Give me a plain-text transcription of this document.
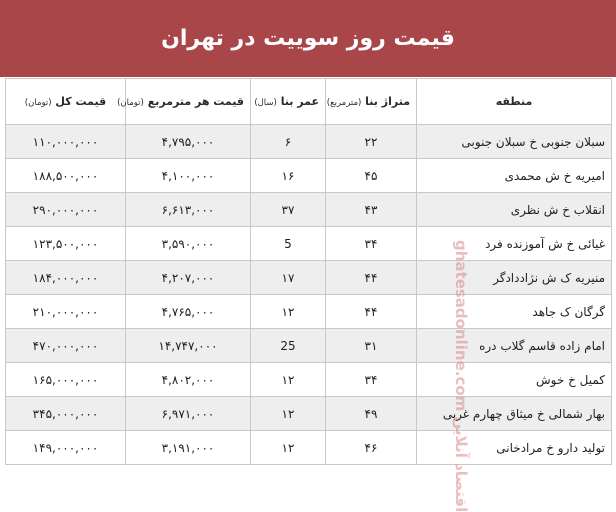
قیمت روز سوییت در تهران
قیمت کل (تومان)	قیمت هر مترمربع (تومان)	عمر بنا (سال)	متراژ بنا (مترمربع)	منطقه
۱۱۰,۰۰۰,۰۰۰	۴,۷۹۵,۰۰۰	۶	۲۲	سبلان جنوبی خ سبلان جنوبی
۱۸۸,۵۰۰,۰۰۰	۴,۱۰۰,۰۰۰	۱۶	۴۵	امیریه خ ش محمدی
۲۹۰,۰۰۰,۰۰۰	۶,۶۱۳,۰۰۰	۳۷	۴۳	انقلاب خ ش نظری
۱۲۳,۵۰۰,۰۰۰	۳,۵۹۰,۰۰۰	5	۳۴	غیائی خ ش آموزنده فرد
۱۸۴,۰۰۰,۰۰۰	۴,۲۰۷,۰۰۰	۱۷	۴۴	منیریه ک ش نژاددادگر
۲۱۰,۰۰۰,۰۰۰	۴,۷۶۵,۰۰۰	۱۲	۴۴	گرگان ک جاهد
۴۷۰,۰۰۰,۰۰۰	۱۴,۷۴۷,۰۰۰	25	۳۱	امام زاده قاسم گلاب دره
۱۶۵,۰۰۰,۰۰۰	۴,۸۰۲,۰۰۰	۱۲	۳۴	کمیل خ خوش
۳۴۵,۰۰۰,۰۰۰	۶,۹۷۱,۰۰۰	۱۲	۴۹	بهار شمالی خ میثاق چهارم غربی
۱۴۹,۰۰۰,۰۰۰	۳,۱۹۱,۰۰۰	۱۲	۴۶	تولید دارو خ مرادخانی
اقتصاد آنلاین ghatesadonline.com
